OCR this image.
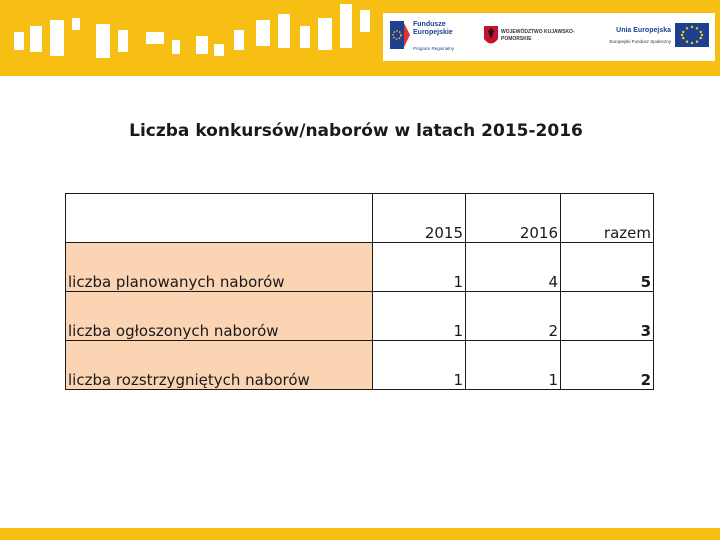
Fundusze Europejskie
Program Regionalny
WOJEWÓDZTWO KUJAWSKO-POMORSKIE
Unia Europejska
Europejski Fundusz Społeczny
Liczba konkursów/naborów w latach 2015-2016
	2015	2016	razem
liczba planowanych naborów	1	4	5
liczba ogłoszonych naborów	1	2	3
liczba rozstrzygniętych naborów	1	1	2
